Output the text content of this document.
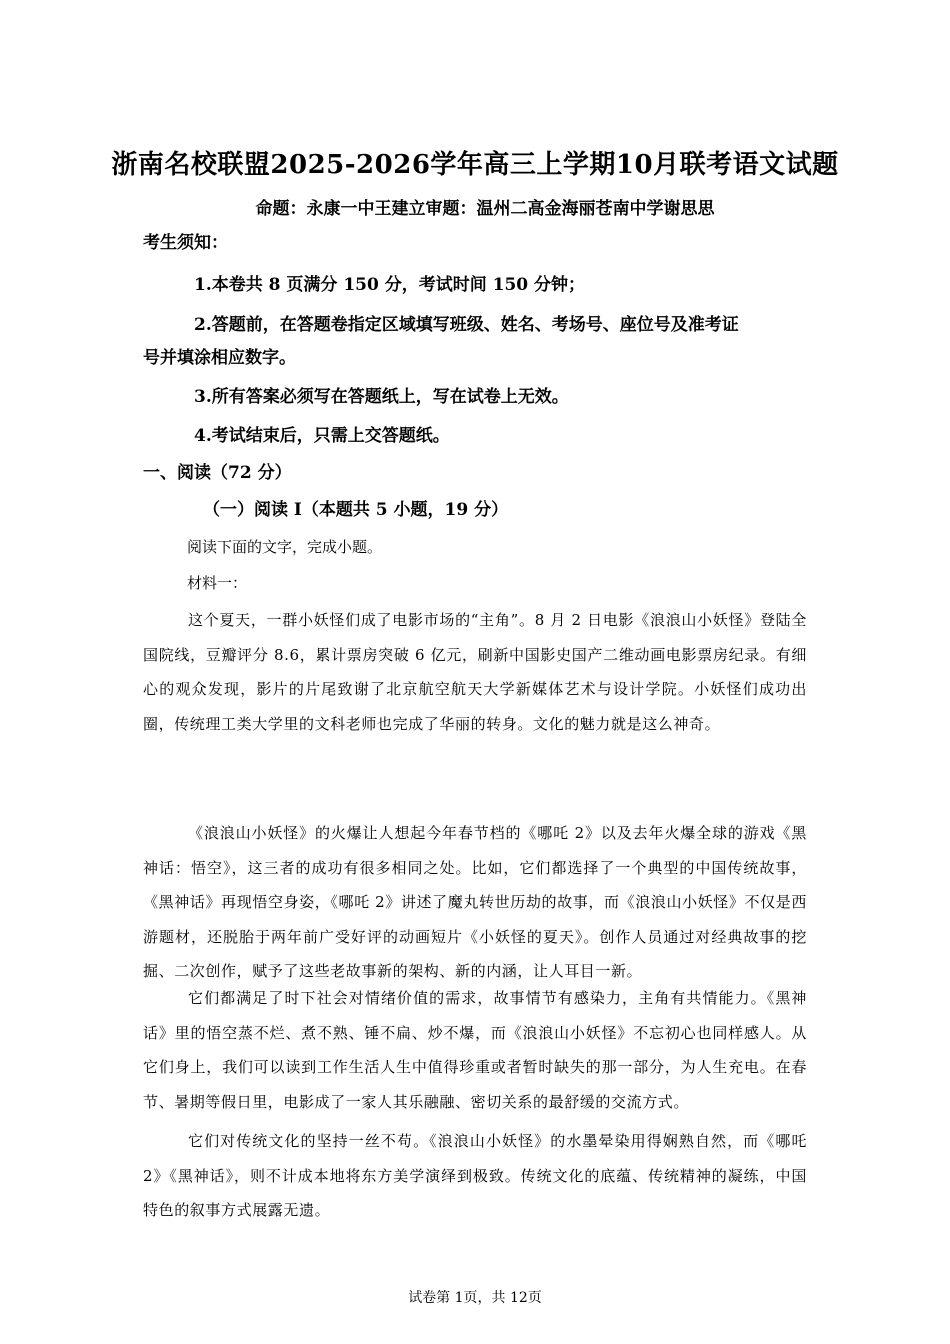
浙南名校联盟2025-2026学年高三上学期10月联考语文试题
命题：永康一中王建立审题：温州二高金海丽苍南中学谢思思
考生须知：
1.本卷共 8 页满分 150 分，考试时间 150 分钟；
2.答题前，在答题卷指定区域填写班级、姓名、考场号、座位号及准考证
号并填涂相应数字。
3.所有答案必须写在答题纸上，写在试卷上无效。
4.考试结束后，只需上交答题纸。
一、阅读（72 分）
（一）阅读 I（本题共 5 小题，19 分）
阅读下面的文字，完成小题。
材料一：

这个夏天，一群小妖怪们成了电影市场的“主角”。8 月 2 日电影《浪浪山小妖怪》登陆全国院线，豆瓣评分 8.6，累计票房突破 6 亿元，刷新中国影史国产二维动画电影票房纪录。有细心的观众发现，影片的片尾致谢了北京航空航天大学新媒体艺术与设计学院。小妖怪们成功出圈，传统理工类大学里的文科老师也完成了华丽的转身。文化的魅力就是这么神奇。

《浪浪山小妖怪》的火爆让人想起今年春节档的《哪吒 2》以及去年火爆全球的游戏《黑神话：悟空》，这三者的成功有很多相同之处。比如，它们都选择了一个典型的中国传统故事，《黑神话》再现悟空身姿，《哪吒 2》讲述了魔丸转世历劫的故事，而《浪浪山小妖怪》不仅是西游题材，还脱胎于两年前广受好评的动画短片《小妖怪的夏天》。创作人员通过对经典故事的挖掘、二次创作，赋予了这些老故事新的架构、新的内涵，让人耳目一新。

它们都满足了时下社会对情绪价值的需求，故事情节有感染力，主角有共情能力。《黑神话》里的悟空蒸不烂、煮不熟、锤不扁、炒不爆，而《浪浪山小妖怪》不忘初心也同样感人。从它们身上，我们可以读到工作生活人生中值得珍重或者暂时缺失的那一部分，为人生充电。在春节、暑期等假日里，电影成了一家人其乐融融、密切关系的最舒缓的交流方式。

它们对传统文化的坚持一丝不苟。《浪浪山小妖怪》的水墨晕染用得娴熟自然，而《哪吒 2》《黑神话》，则不计成本地将东方美学演绎到极致。传统文化的底蕴、传统精神的凝练，中国特色的叙事方式展露无遗。

试卷第 1页，共 12页
